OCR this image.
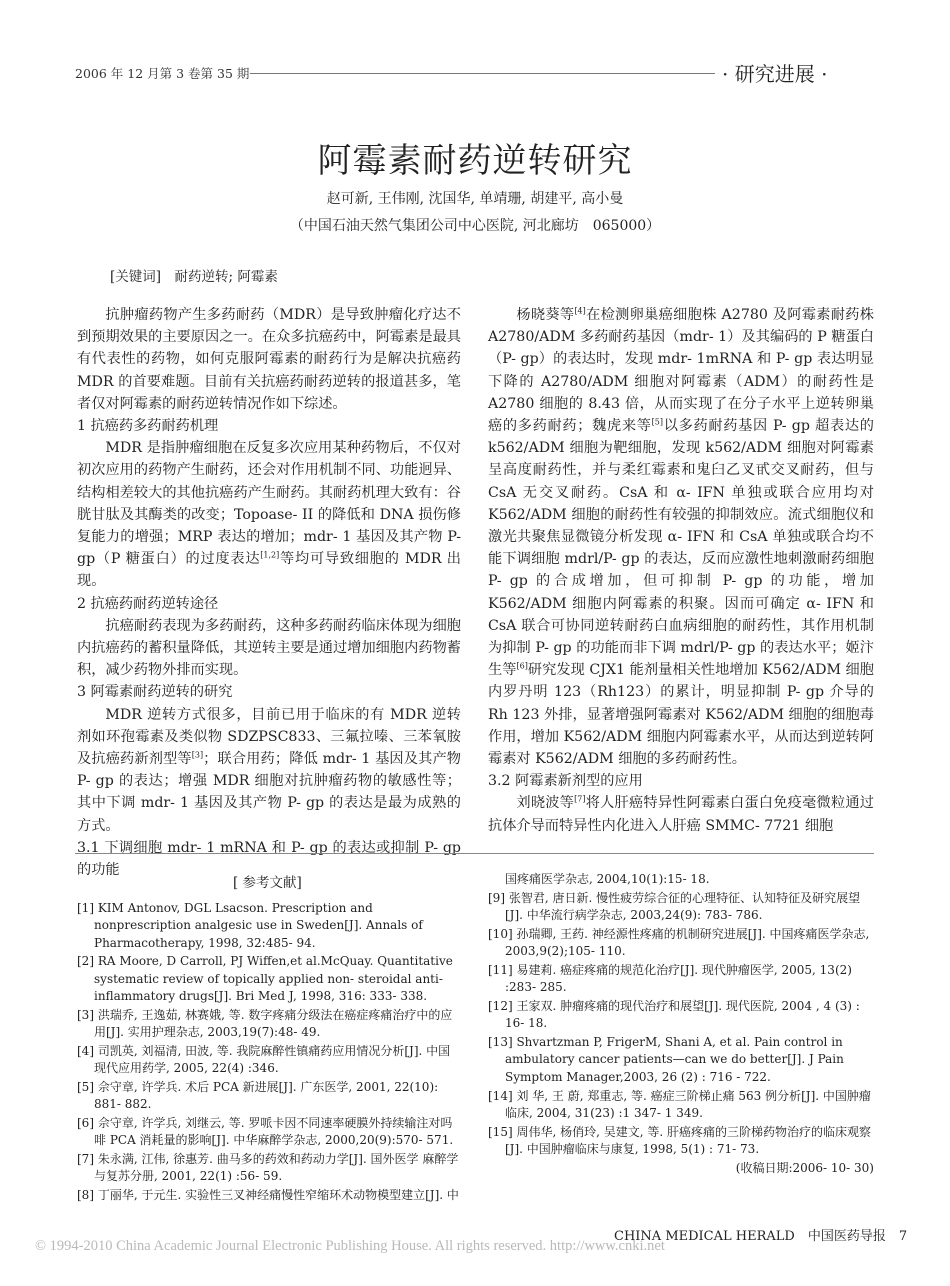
2006 年 12 月第 3 卷第 35 期	· 研究进展 ·
阿霉素耐药逆转研究
赵可新, 王伟刚, 沈国华, 单靖珊, 胡建平, 高小曼
（中国石油天然气集团公司中心医院, 河北廊坊　065000）
[关键词]　耐药逆转; 阿霉素

抗肿瘤药物产生多药耐药（MDR）是导致肿瘤化疗达不到预期效果的主要原因之一。在众多抗癌药中，阿霉素是最具有代表性的药物，如何克服阿霉素的耐药行为是解决抗癌药 MDR 的首要难题。目前有关抗癌药耐药逆转的报道甚多，笔者仅对阿霉素的耐药逆转情况作如下综述。

1 抗癌药多药耐药机理

MDR 是指肿瘤细胞在反复多次应用某种药物后，不仅对初次应用的药物产生耐药，还会对作用机制不同、功能迥异、结构相差较大的其他抗癌药产生耐药。其耐药机理大致有：谷胱甘肽及其酶类的改变；Topoase- II 的降低和 DNA 损伤修复能力的增强；MRP 表达的增加；mdr- 1 基因及其产物 P- gp（P 糖蛋白）的过度表达[1,2]等均可导致细胞的 MDR 出现。

2 抗癌药耐药逆转途径

抗癌耐药表现为多药耐药，这种多药耐药临床体现为细胞内抗癌药的蓄积量降低，其逆转主要是通过增加细胞内药物蓄积，减少药物外排而实现。

3 阿霉素耐药逆转的研究

MDR 逆转方式很多，目前已用于临床的有 MDR 逆转剂如环孢霉素及类似物 SDZPSC833、三氟拉嗪、三苯氧胺及抗癌药新剂型等[3]；联合用药；降低 mdr- 1 基因及其产物 P- gp 的表达；增强 MDR 细胞对抗肿瘤药物的敏感性等；其中下调 mdr- 1 基因及其产物 P- gp 的表达是最为成熟的方式。

3.1 下调细胞 mdr- 1 mRNA 和 P- gp 的表达或抑制 P- gp 的功能

杨晓葵等[4]在检测卵巢癌细胞株 A2780 及阿霉素耐药株 A2780/ADM 多药耐药基因（mdr- 1）及其编码的 P 糖蛋白（P- gp）的表达时，发现 mdr- 1mRNA 和 P- gp 表达明显下降的 A2780/ADM 细胞对阿霉素（ADM）的耐药性是 A2780 细胞的 8.43 倍，从而实现了在分子水平上逆转卵巢癌的多药耐药；魏虎来等[5]以多药耐药基因 P- gp 超表达的 k562/ADM 细胞为靶细胞，发现 k562/ADM 细胞对阿霉素呈高度耐药性，并与柔红霉素和鬼臼乙叉甙交叉耐药，但与 CsA 无交叉耐药。CsA 和 α- IFN 单独或联合应用均对 K562/ADM 细胞的耐药性有较强的抑制效应。流式细胞仪和激光共聚焦显微镜分析发现 α- IFN 和 CsA 单独或联合均不能下调细胞 mdrl/P- gp 的表达，反而应激性地刺激耐药细胞 P- gp 的合成增加，但可抑制 P- gp 的功能，增加 K562/ADM 细胞内阿霉素的积聚。因而可确定 α- IFN 和 CsA 联合可协同逆转耐药白血病细胞的耐药性，其作用机制为抑制 P- gp 的功能而非下调 mdrl/P- gp 的表达水平；姬汴生等[6]研究发现 CJX1 能剂量相关性地增加 K562/ADM 细胞内罗丹明 123（Rh123）的累计，明显抑制 P- gp 介导的 Rh 123 外排，显著增强阿霉素对 K562/ADM 细胞的细胞毒作用，增加 K562/ADM 细胞内阿霉素水平，从而达到逆转阿霉素对 K562/ADM 细胞的多药耐药性。

3.2 阿霉素新剂型的应用

刘晓波等[7]将人肝癌特异性阿霉素白蛋白免疫毫微粒通过抗体介导而特异性内化进入人肝癌 SMMC- 7721 细胞

[ 参考文献]
[1] KIM Antonov, DGL Lsacson. Prescription and nonprescription analgesic use in Sweden[J]. Annals of Pharmacotherapy, 1998, 32:485- 94.
[2] RA Moore, D Carroll, PJ Wiffen,et al.McQuay. Quantitative systematic review of topically applied non- steroidal anti- inflammatory drugs[J]. Bri Med J, 1998, 316: 333- 338.
[3] 洪瑞乔, 王逸茹, 林赛娥, 等. 数字疼痛分级法在癌症疼痛治疗中的应用[J]. 实用护理杂志, 2003,19(7):48- 49.
[4] 司凯英, 刘福清, 田波, 等. 我院麻醉性镇痛药应用情况分析[J]. 中国现代应用药学, 2005, 22(4) :346.
[5] 佘守章, 许学兵. 术后 PCA 新进展[J]. 广东医学, 2001, 22(10): 881- 882.
[6] 佘守章, 许学兵, 刘继云, 等. 罗哌卡因不同速率硬膜外持续输注对吗啡 PCA 消耗量的影响[J]. 中华麻醉学杂志, 2000,20(9):570- 571.
[7] 朱永满, 江伟, 徐惠芳. 曲马多的药效和药动力学[J]. 国外医学 麻醉学与复苏分册, 2001, 22(1) :56- 59.
[8] 丁丽华, 于元生. 实验性三叉神经痛慢性窄缩环术动物模型建立[J]. 中
国疼痛医学杂志, 2004,10(1):15- 18.
[9] 张智君, 唐日新. 慢性疲劳综合征的心理特征、认知特征及研究展望[J]. 中华流行病学杂志, 2003,24(9): 783- 786.
[10] 孙瑞卿, 王药. 神经源性疼痛的机制研究进展[J]. 中国疼痛医学杂志, 2003,9(2);105- 110.
[11] 易建莉. 癌症疼痛的规范化治疗[J]. 现代肿瘤医学, 2005, 13(2) :283- 285.
[12] 王家双. 肿瘤疼痛的现代治疗和展望[J]. 现代医院, 2004 , 4 (3) : 16- 18.
[13] Shvartzman P, FrigerM, Shani A, et al. Pain control in ambulatory cancer patients—can we do better[J]. J Pain Symptom Manager,2003, 26 (2) : 716 - 722.
[14] 刘 华, 王 蔚, 郑重志, 等. 癌症三阶梯止痛 563 例分析[J]. 中国肿瘤临床, 2004, 31(23) :1 347- 1 349.
[15] 周伟华, 杨俏玲, 吴建文, 等. 肝癌疼痛的三阶梯药物治疗的临床观察[J]. 中国肿瘤临床与康复, 1998, 5(1) : 71- 73.
(收稿日期:2006- 10- 30)
CHINA MEDICAL HERALD　中国医药导报　7
© 1994-2010 China Academic Journal Electronic Publishing House. All rights reserved. http://www.cnki.net
